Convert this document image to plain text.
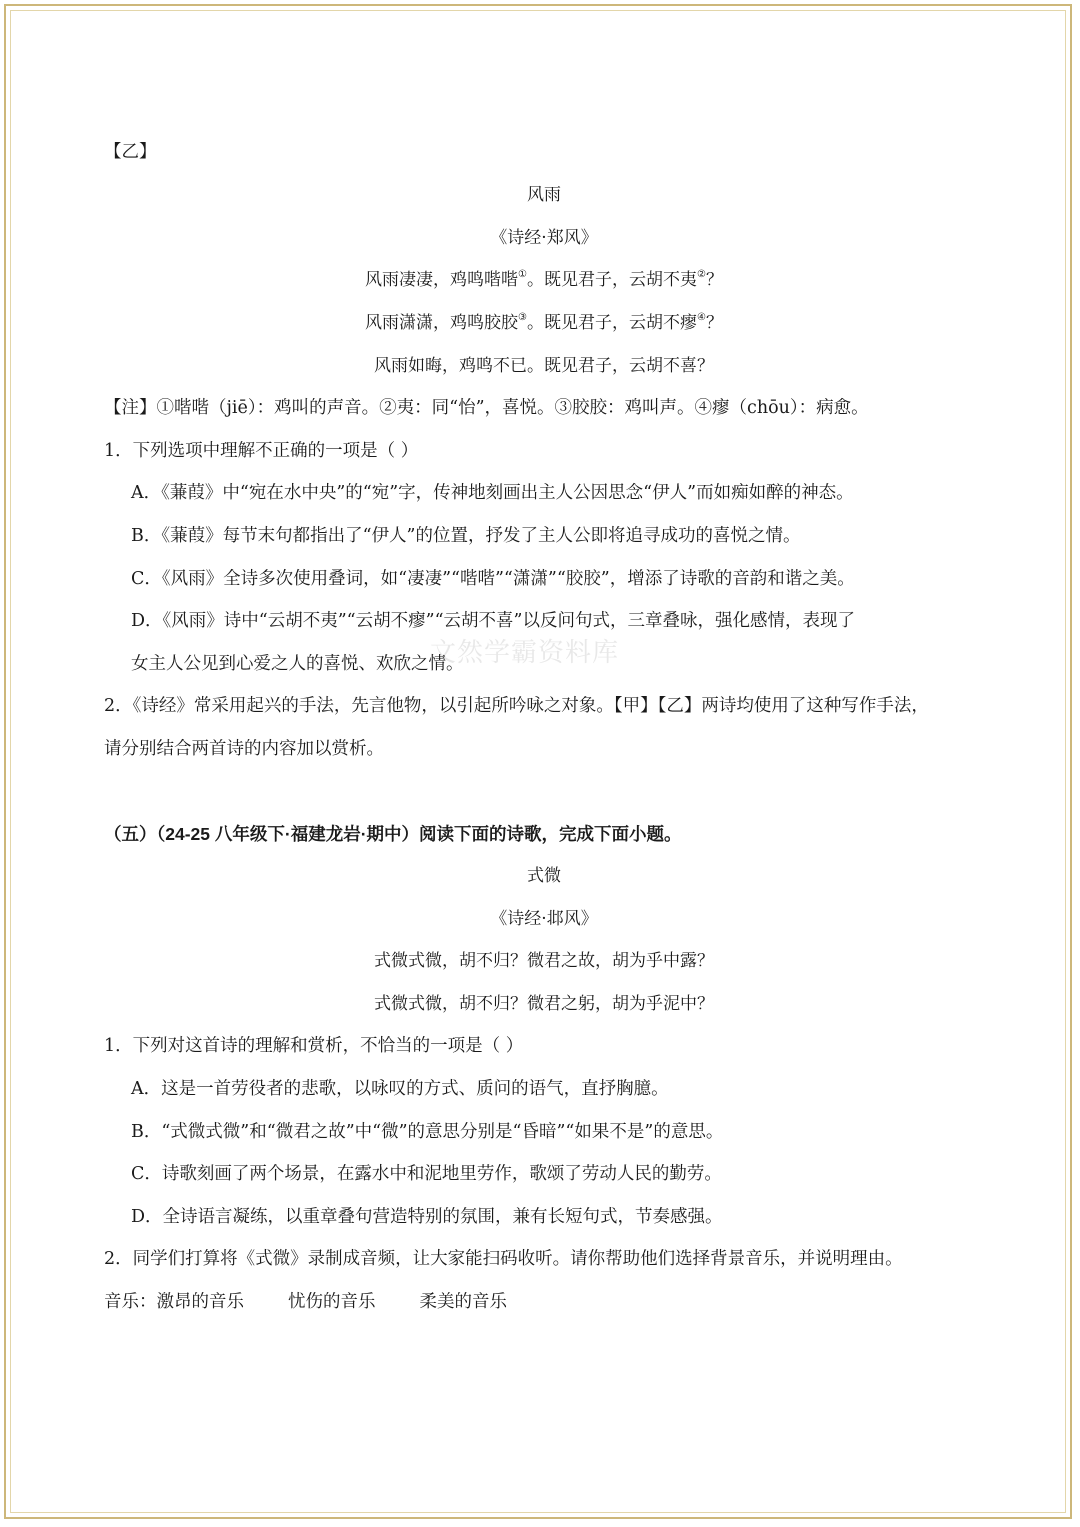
文然学霸资料库
【乙】
风雨
《诗经·郑风》
风雨凄凄，鸡鸣喈喈①。既见君子，云胡不夷②？
风雨潇潇，鸡鸣胶胶③。既见君子，云胡不瘳④？
风雨如晦，鸡鸣不已。既见君子，云胡不喜？
【注】①喈喈（jiē）：鸡叫的声音。②夷：同“怡”，喜悦。③胶胶：鸡叫声。④瘳（chōu）：病愈。
1．下列选项中理解不正确的一项是（ ）
A．《蒹葭》中“宛在水中央”的“宛”字，传神地刻画出主人公因思念“伊人”而如痴如醉的神态。
B．《蒹葭》每节末句都指出了“伊人”的位置，抒发了主人公即将追寻成功的喜悦之情。
C．《风雨》全诗多次使用叠词，如“凄凄”“喈喈”“潇潇”“胶胶”，增添了诗歌的音韵和谐之美。
D．《风雨》诗中“云胡不夷”“云胡不瘳”“云胡不喜”以反问句式，三章叠咏，强化感情，表现了
女主人公见到心爱之人的喜悦、欢欣之情。
2．《诗经》常采用起兴的手法，先言他物，以引起所吟咏之对象。【甲】【乙】两诗均使用了这种写作手法，
请分别结合两首诗的内容加以赏析。
（五）（24-25 八年级下·福建龙岩·期中）阅读下面的诗歌，完成下面小题。
式微
《诗经·邶风》
式微式微，胡不归？微君之故，胡为乎中露？
式微式微，胡不归？微君之躬，胡为乎泥中？
1．下列对这首诗的理解和赏析，不恰当的一项是（ ）
A．这是一首劳役者的悲歌，以咏叹的方式、质问的语气，直抒胸臆。
B．“式微式微”和“微君之故”中“微”的意思分别是“昏暗”“如果不是”的意思。
C．诗歌刻画了两个场景，在露水中和泥地里劳作，歌颂了劳动人民的勤劳。
D．全诗语言凝练，以重章叠句营造特别的氛围，兼有长短句式，节奏感强。
2．同学们打算将《式微》录制成音频，让大家能扫码收听。请你帮助他们选择背景音乐，并说明理由。
音乐：激昂的音乐	忧伤的音乐	柔美的音乐
